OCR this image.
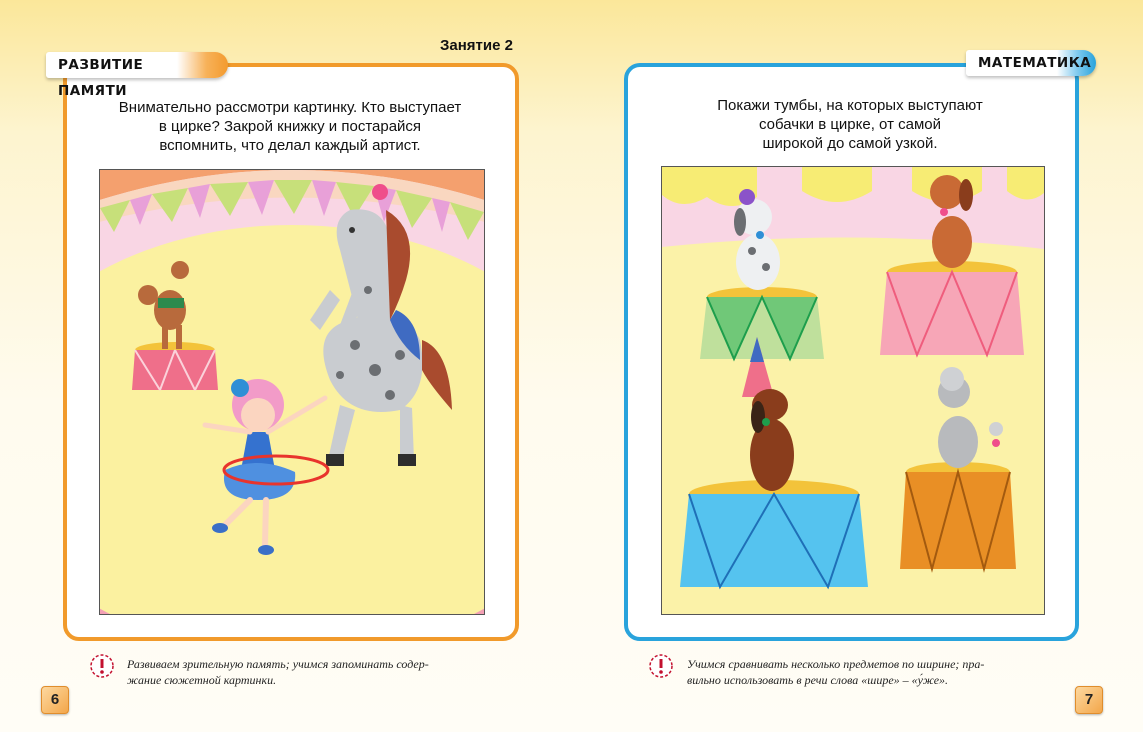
Занятие 2
РАЗВИТИЕ ПАМЯТИ
Внимательно рассмотри картинку. Кто выступает
в цирке? Закрой книжку и постарайся
вспомнить, что делал каждый артист.
Развиваем зрительную память; учимся запоминать содер-
жание сюжетной картинки.
6
МАТЕМАТИКА
Покажи тумбы, на которых выступают
собачки в цирке, от самой
широкой до самой узкой.
Учимся сравнивать несколько предметов по ширине; пра-
вильно использовать в речи слова «шире» – «у́же».
7
